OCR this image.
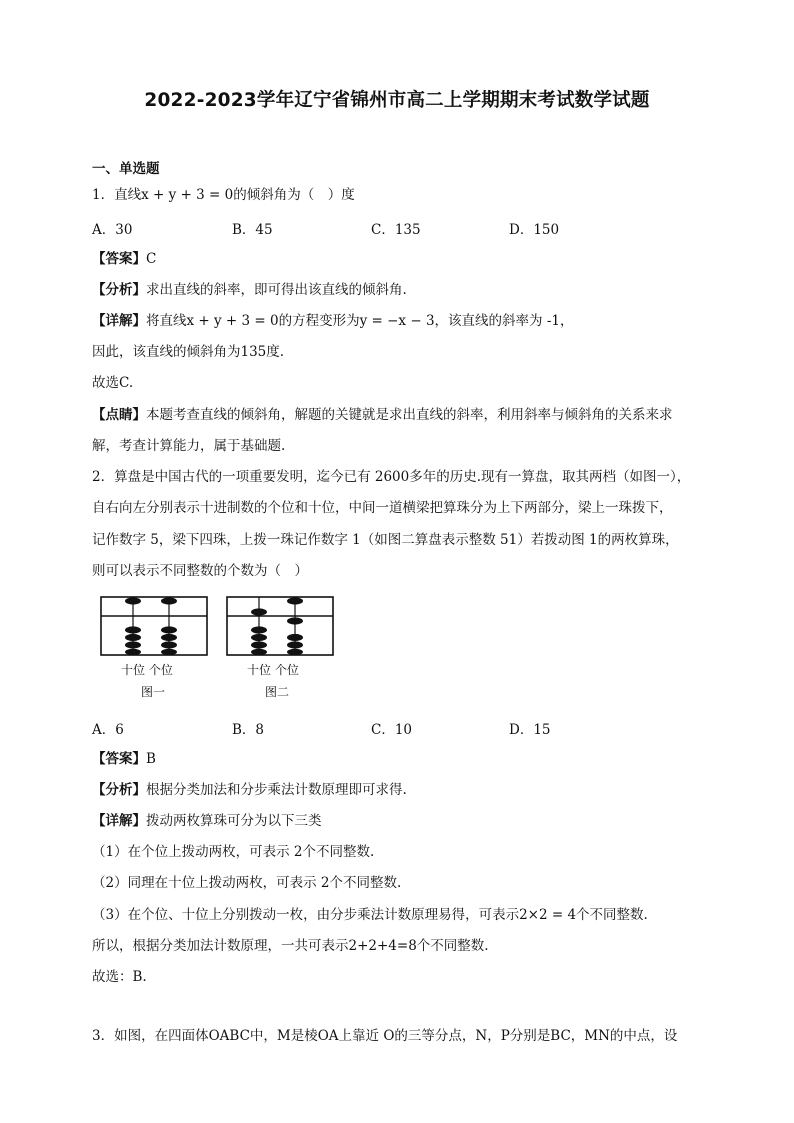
2022-2023学年辽宁省锦州市高二上学期期末考试数学试题
一、单选题
1．直线x + y + 3 = 0的倾斜角为（　）度
A．30	B．45	C．135	D．150
【答案】C
【分析】求出直线的斜率，即可得出该直线的倾斜角.
【详解】将直线x + y + 3 = 0的方程变形为y = −x − 3，该直线的斜率为 -1，
因此，该直线的倾斜角为135度.
故选C.
【点睛】本题考查直线的倾斜角，解题的关键就是求出直线的斜率，利用斜率与倾斜角的关系来求
解，考查计算能力，属于基础题.
2．算盘是中国古代的一项重要发明，迄今已有 2600多年的历史.现有一算盘，取其两档（如图一），
自右向左分别表示十进制数的个位和十位，中间一道横梁把算珠分为上下两部分，梁上一珠拨下，
记作数字 5，梁下四珠，上拨一珠记作数字 1（如图二算盘表示整数 51）若拨动图 1的两枚算珠，
则可以表示不同整数的个数为（　）
十位 个位
图一
十位 个位
图二
A．6	B．8	C．10	D．15
【答案】B
【分析】根据分类加法和分步乘法计数原理即可求得.
【详解】拨动两枚算珠可分为以下三类
（1）在个位上拨动两枚，可表示 2个不同整数.
（2）同理在十位上拨动两枚，可表示 2个不同整数.
（3）在个位、十位上分别拨动一枚，由分步乘法计数原理易得，可表示2×2 = 4个不同整数.
所以，根据分类加法计数原理，一共可表示2+2+4=8个不同整数.
故选：B.
3．如图，在四面体OABC中，M是棱OA上靠近 O的三等分点，N，P分别是BC，MN的中点，设
